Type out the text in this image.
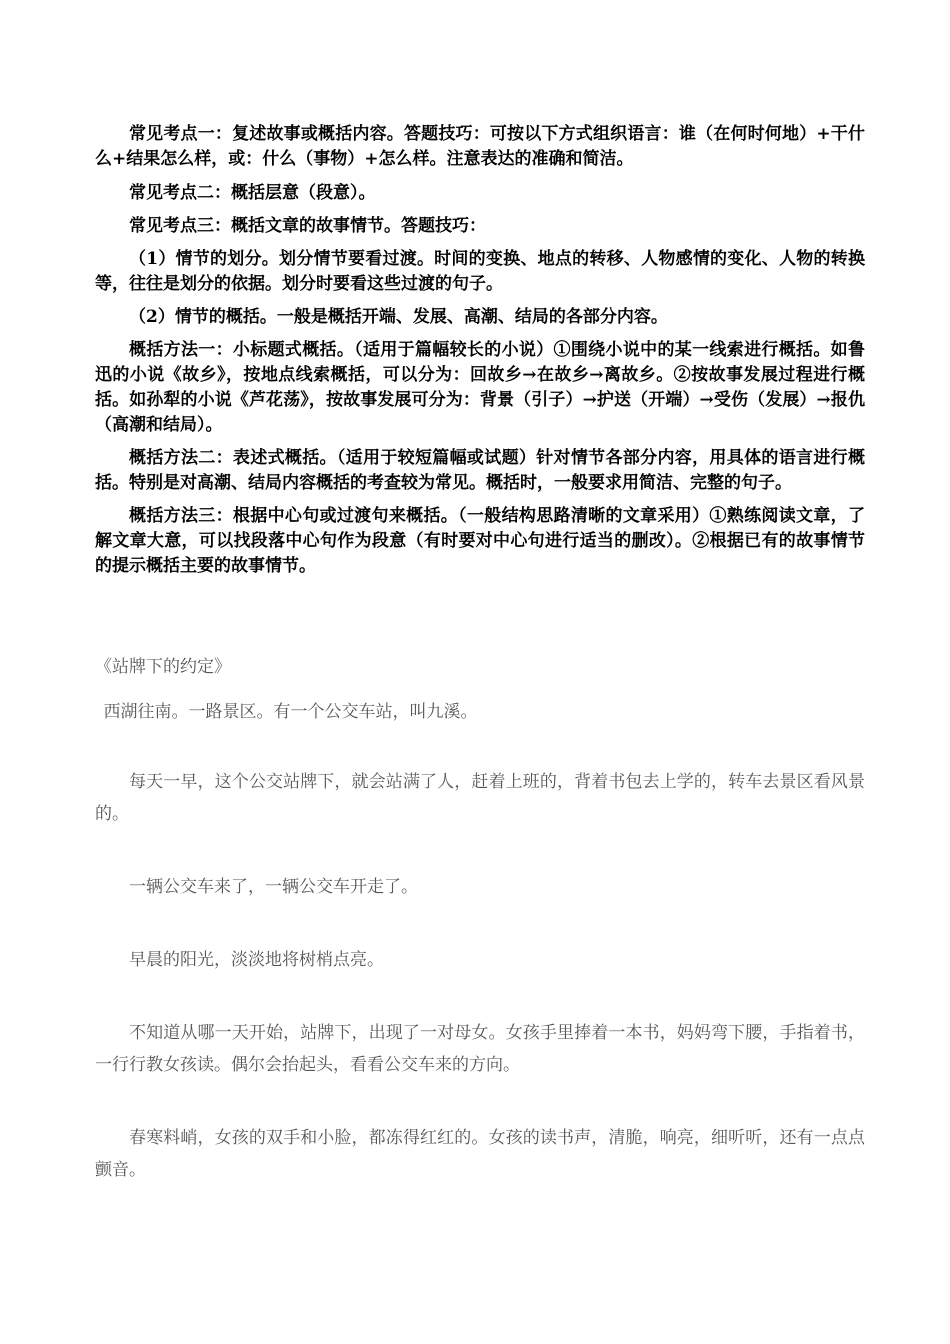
常见考点一：复述故事或概括内容。答题技巧：可按以下方式组织语言：谁（在何时何地）+干什么+结果怎么样，或：什么（事物）+怎么样。注意表达的准确和简洁。

常见考点二：概括层意（段意）。

常见考点三：概括文章的故事情节。答题技巧：

（1）情节的划分。划分情节要看过渡。时间的变换、地点的转移、人物感情的变化、人物的转换等，往往是划分的依据。划分时要看这些过渡的句子。

（2）情节的概括。一般是概括开端、发展、高潮、结局的各部分内容。

概括方法一：小标题式概括。（适用于篇幅较长的小说）①围绕小说中的某一线索进行概括。如鲁迅的小说《故乡》，按地点线索概括，可以分为：回故乡→在故乡→离故乡。②按故事发展过程进行概括。如孙犁的小说《芦花荡》，按故事发展可分为：背景（引子）→护送（开端）→受伤（发展）→报仇（高潮和结局）。

概括方法二：表述式概括。（适用于较短篇幅或试题）针对情节各部分内容，用具体的语言进行概括。特别是对高潮、结局内容概括的考查较为常见。概括时，一般要求用简洁、完整的句子。

概括方法三：根据中心句或过渡句来概括。（一般结构思路清晰的文章采用）①熟练阅读文章，了解文章大意，可以找段落中心句作为段意（有时要对中心句进行适当的删改）。②根据已有的故事情节的提示概括主要的故事情节。

《站牌下的约定》

西湖往南。一路景区。有一个公交车站，叫九溪。

每天一早，这个公交站牌下，就会站满了人，赶着上班的，背着书包去上学的，转车去景区看风景的。

一辆公交车来了，一辆公交车开走了。

早晨的阳光，淡淡地将树梢点亮。

不知道从哪一天开始，站牌下，出现了一对母女。女孩手里捧着一本书，妈妈弯下腰，手指着书，一行行教女孩读。偶尔会抬起头，看看公交车来的方向。

春寒料峭，女孩的双手和小脸，都冻得红红的。女孩的读书声，清脆，响亮，细听听，还有一点点颤音。
